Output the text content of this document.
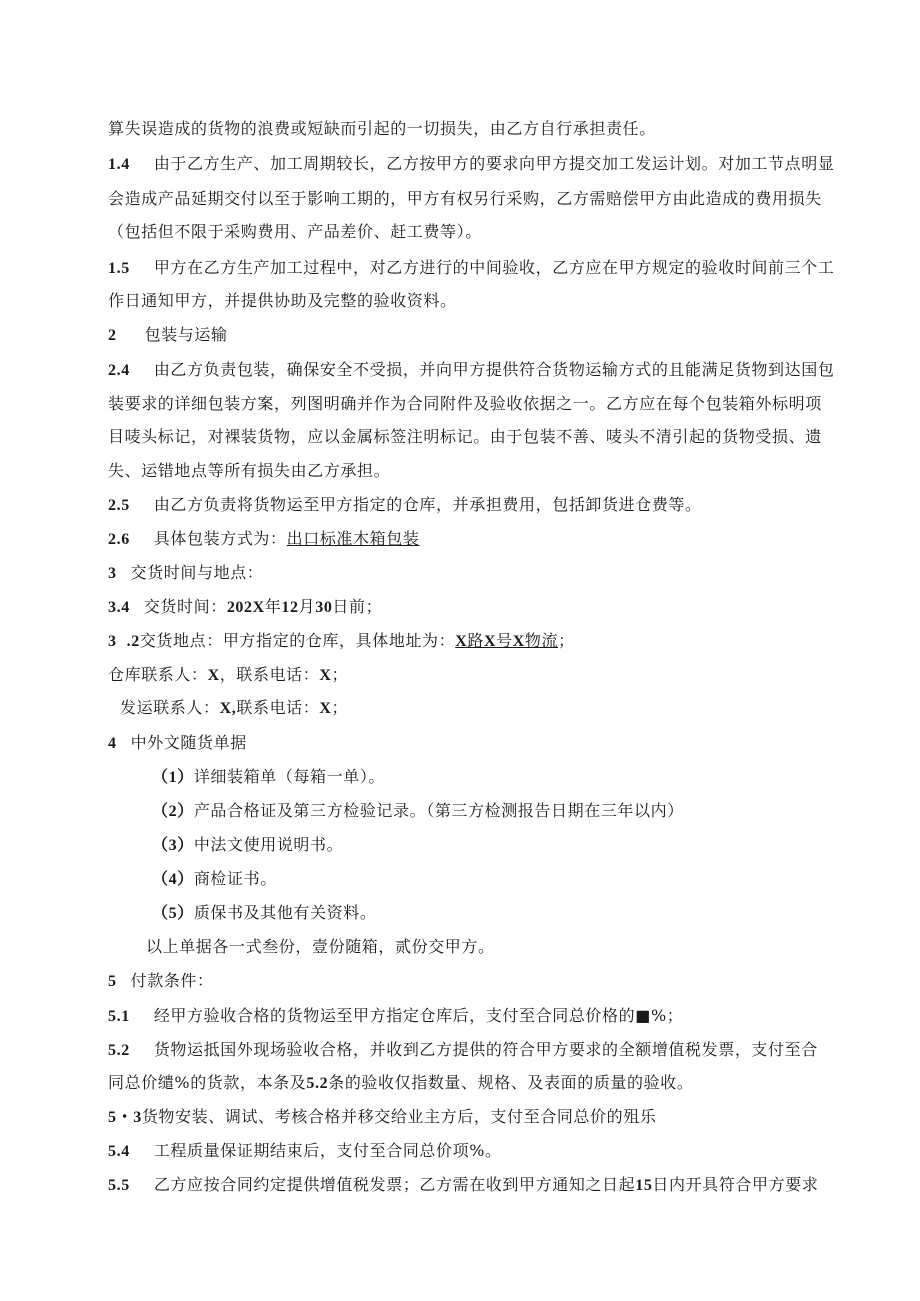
算失误造成的货物的浪费或短缺而引起的一切损失，由乙方自行承担责任。
1.4 由于乙方生产、加工周期较长，乙方按甲方的要求向甲方提交加工发运计划。对加工节点明显
会造成产品延期交付以至于影响工期的，甲方有权另行采购，乙方需赔偿甲方由此造成的费用损失
（包括但不限于采购费用、产品差价、赶工费等）。
1.5 甲方在乙方生产加工过程中，对乙方进行的中间验收，乙方应在甲方规定的验收时间前三个工
作日通知甲方，并提供协助及完整的验收资料。
2 包装与运输
2.4 由乙方负责包装，确保安全不受损，并向甲方提供符合货物运输方式的且能满足货物到达国包
装要求的详细包装方案，列图明确并作为合同附件及验收依据之一。乙方应在每个包装箱外标明项
目唛头标记，对裸装货物，应以金属标签注明标记。由于包装不善、唛头不清引起的货物受损、遗
失、运错地点等所有损失由乙方承担。
2.5 由乙方负责将货物运至甲方指定的仓库，并承担费用，包括卸货进仓费等。
2.6 具体包装方式为：出口标准木箱包装
3 交货时间与地点：
3.4 交货时间：202X年12月30日前；
3 .2交货地点：甲方指定的仓库，具体地址为：X路X号X物流；
仓库联系人：X，联系电话：X；
发运联系人：X,联系电话：X；
4 中外文随货单据
（1）详细装箱单（每箱一单）。
（2）产品合格证及第三方检验记录。（第三方检测报告日期在三年以内）
（3）中法文使用说明书。
（4）商检证书。
（5）质保书及其他有关资料。
以上单据各一式叁份，壹份随箱，贰份交甲方。
5 付款条件：
5.1 经甲方验收合格的货物运至甲方指定仓库后，支付至合同总价格的■%；
5.2 货物运抵国外现场验收合格，并收到乙方提供的符合甲方要求的全额增值税发票，支付至合
同总价缱%的货款，本条及5.2条的验收仅指数量、规格、及表面的质量的验收。
5・3货物安装、调试、考核合格并移交给业主方后，支付至合同总价的殂乐
5.4 工程质量保证期结束后，支付至合同总价项%。
5.5 乙方应按合同约定提供增值税发票；乙方需在收到甲方通知之日起15日内开具符合甲方要求
